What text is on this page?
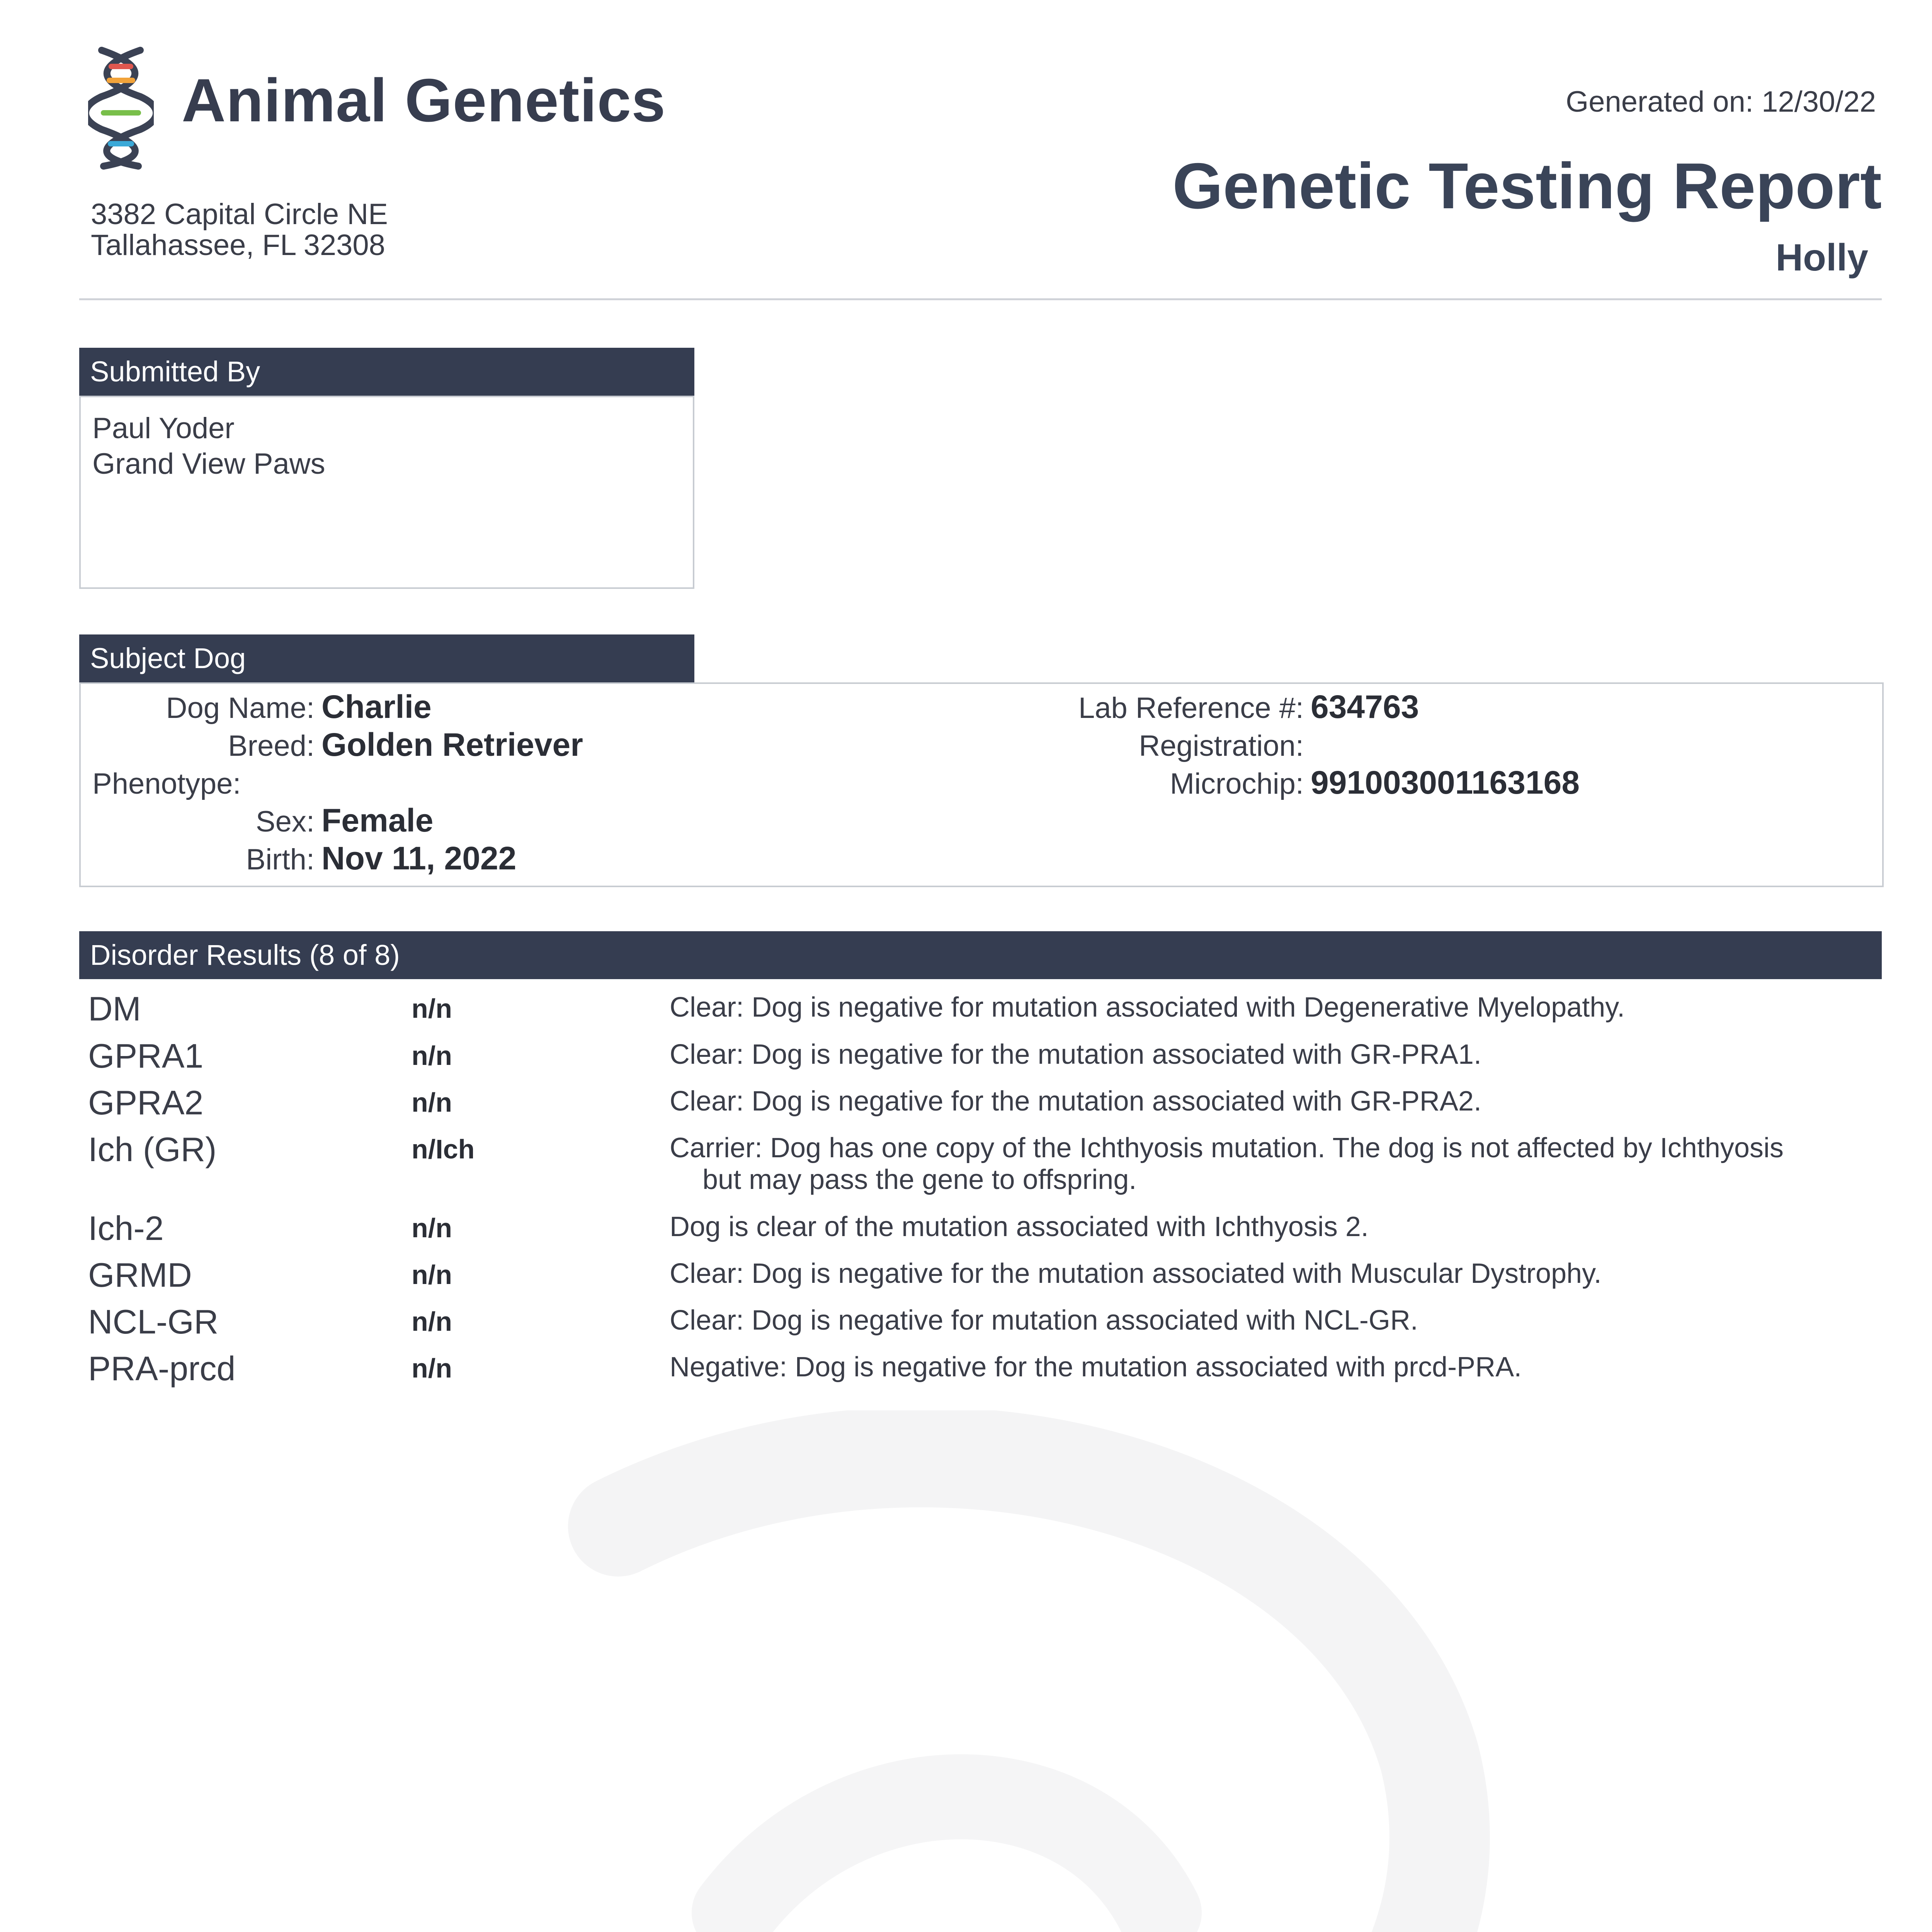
Animal Genetics
3382 Capital Circle NE
Tallahassee, FL 32308
Generated on: 12/30/22
Genetic Testing Report
Holly
Submitted By
Paul Yoder
Grand View Paws
Subject Dog
Dog Name: Charlie
Breed: Golden Retriever
Phenotype:
Sex: Female
Birth: Nov 11, 2022
Lab Reference #: 634763
Registration:
Microchip: 991003001163168
Disorder Results (8 of 8)
DM	n/n	Clear: Dog is negative for mutation associated with Degenerative Myelopathy.
GPRA1	n/n	Clear: Dog is negative for the mutation associated with GR-PRA1.
GPRA2	n/n	Clear: Dog is negative for the mutation associated with GR-PRA2.
Ich (GR)	n/Ich	Carrier: Dog has one copy of the Ichthyosis mutation. The dog is not affected by Ichthyosis
but may pass the gene to offspring.
Ich-2	n/n	Dog is clear of the mutation associated with Ichthyosis 2.
GRMD	n/n	Clear: Dog is negative for the mutation associated with Muscular Dystrophy.
NCL-GR	n/n	Clear: Dog is negative for mutation associated with NCL-GR.
PRA-prcd	n/n	Negative: Dog is negative for the mutation associated with prcd-PRA.
